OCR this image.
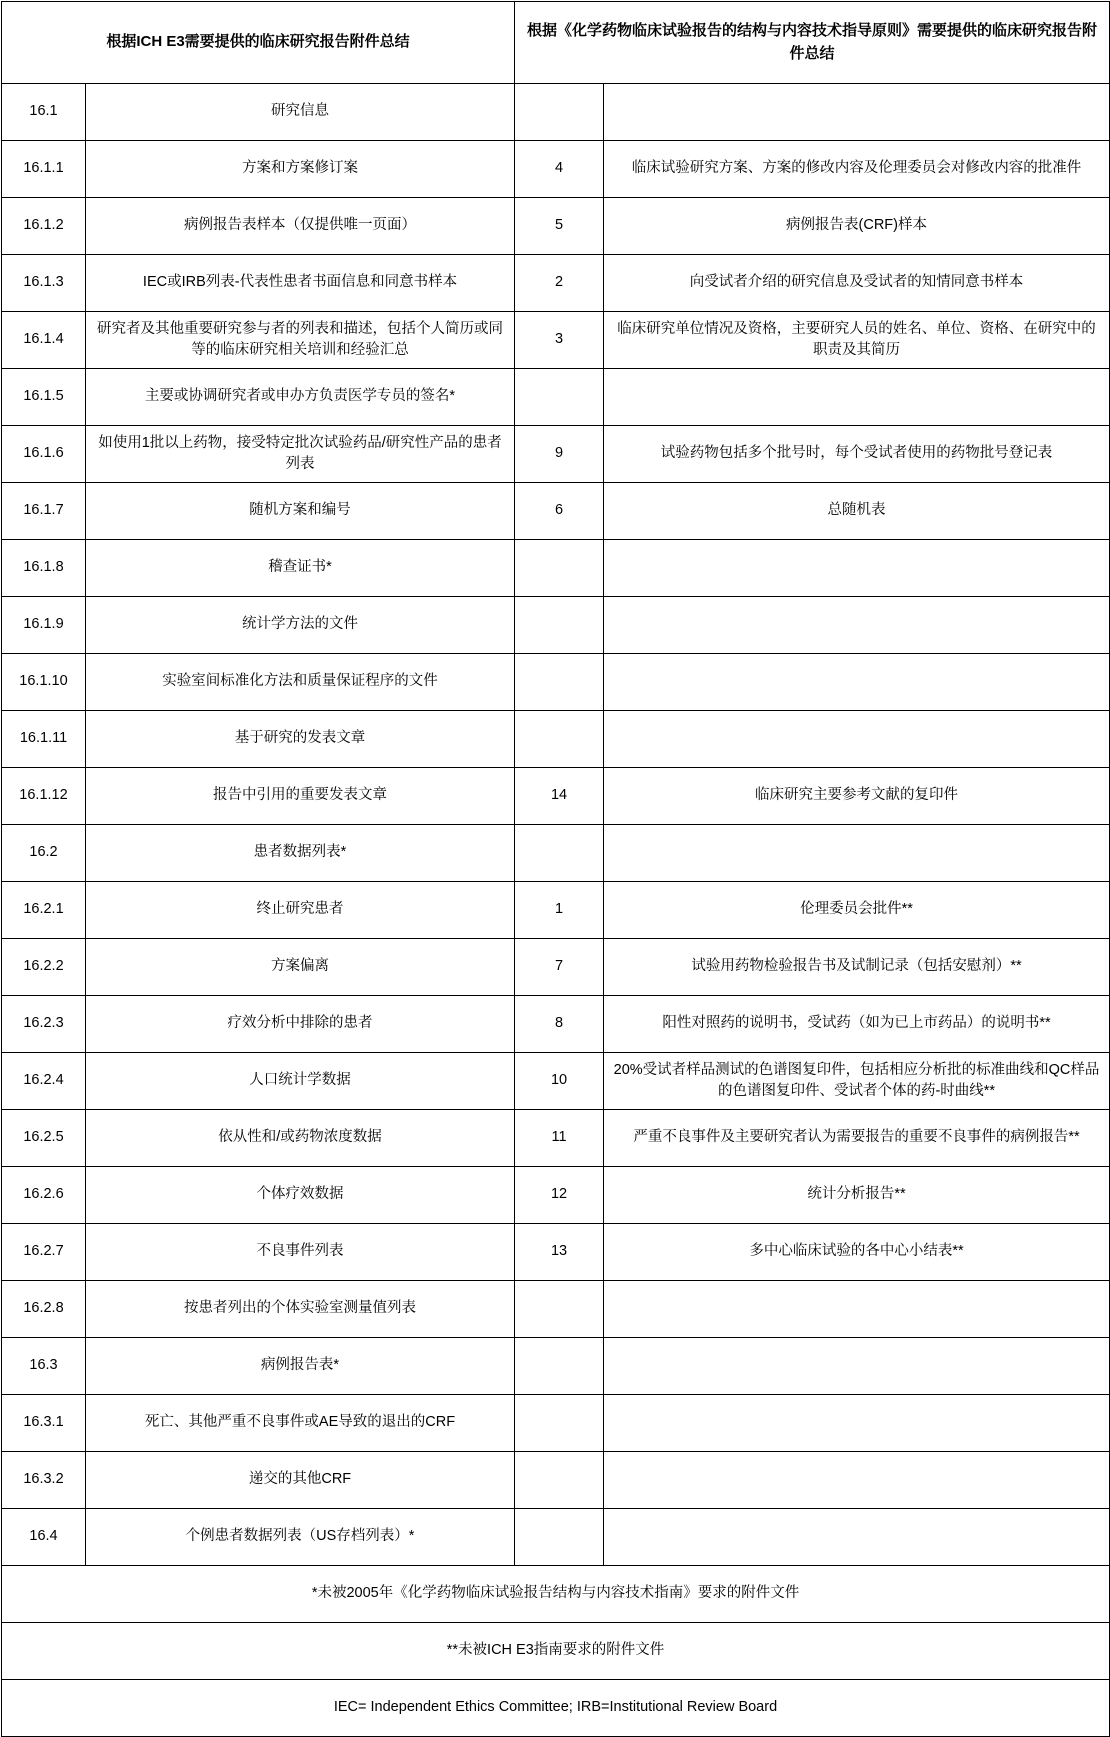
根据ICH E3需要提供的临床研究报告附件总结		根据《化学药物临床试验报告的结构与内容技术指导原则》需要提供的临床研究报告附件总结	
16.1	研究信息		
16.1.1	方案和方案修订案	4	临床试验研究方案、方案的修改内容及伦理委员会对修改内容的批准件
16.1.2	病例报告表样本（仅提供唯一页面）	5	病例报告表(CRF)样本
16.1.3	IEC或IRB列表-代表性患者书面信息和同意书样本	2	向受试者介绍的研究信息及受试者的知情同意书样本
16.1.4	研究者及其他重要研究参与者的列表和描述，包括个人简历或同等的临床研究相关培训和经验汇总	3	临床研究单位情况及资格，主要研究人员的姓名、单位、资格、在研究中的职责及其简历
16.1.5	主要或协调研究者或申办方负责医学专员的签名*		
16.1.6	如使用1批以上药物，接受特定批次试验药品/研究性产品的患者列表	9	试验药物包括多个批号时，每个受试者使用的药物批号登记表
16.1.7	随机方案和编号	6	总随机表
16.1.8	稽查证书*		
16.1.9	统计学方法的文件		
16.1.10	实验室间标准化方法和质量保证程序的文件		
16.1.11	基于研究的发表文章		
16.1.12	报告中引用的重要发表文章	14	临床研究主要参考文献的复印件
16.2	患者数据列表*		
16.2.1	终止研究患者	1	伦理委员会批件**
16.2.2	方案偏离	7	试验用药物检验报告书及试制记录（包括安慰剂）**
16.2.3	疗效分析中排除的患者	8	阳性对照药的说明书，受试药（如为已上市药品）的说明书**
16.2.4	人口统计学数据	10	20%受试者样品测试的色谱图复印件，包括相应分析批的标准曲线和QC样品的色谱图复印件、受试者个体的药-时曲线**
16.2.5	依从性和/或药物浓度数据	11	严重不良事件及主要研究者认为需要报告的重要不良事件的病例报告**
16.2.6	个体疗效数据	12	统计分析报告**
16.2.7	不良事件列表	13	多中心临床试验的各中心小结表**
16.2.8	按患者列出的个体实验室测量值列表		
16.3	病例报告表*		
16.3.1	死亡、其他严重不良事件或AE导致的退出的CRF		
16.3.2	递交的其他CRF		
16.4	个例患者数据列表（US存档列表）*		
*未被2005年《化学药物临床试验报告结构与内容技术指南》要求的附件文件			
**未被ICH E3指南要求的附件文件			
IEC= Independent Ethics Committee; IRB=Institutional Review Board			
